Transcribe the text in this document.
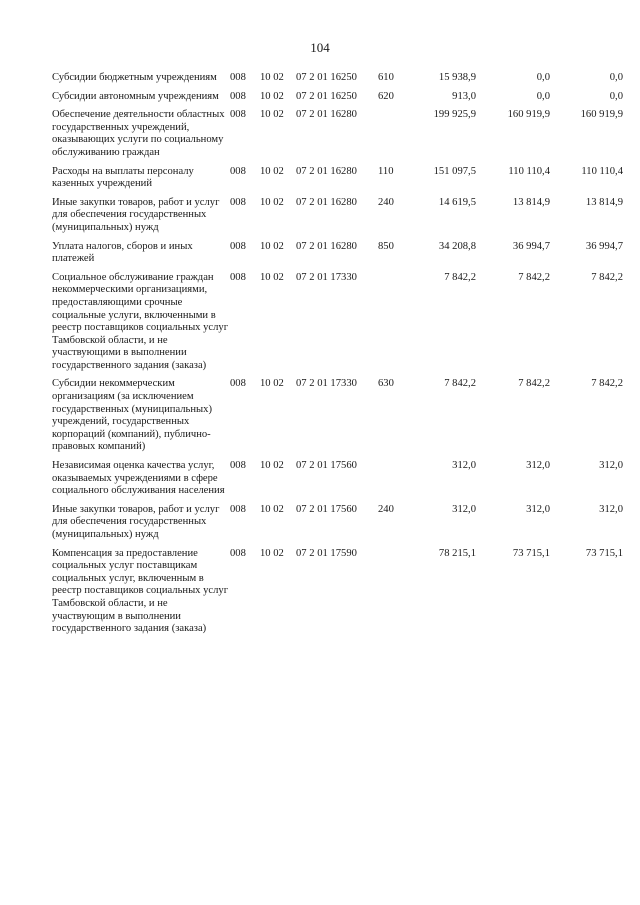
104
Субсидии бюджетным учреждениям	008	10 02	07 2 01 16250	610	15 938,9	0,0	0,0
Субсидии автономным учреждениям	008	10 02	07 2 01 16250	620	913,0	0,0	0,0
Обеспечение деятельности областных государственных учреждений, оказывающих услуги по социальному обслуживанию граждан	008	10 02	07 2 01 16280		199 925,9	160 919,9	160 919,9
Расходы на выплаты персоналу казенных учреждений	008	10 02	07 2 01 16280	110	151 097,5	110 110,4	110 110,4
Иные закупки товаров, работ и услуг для обеспечения государственных (муниципальных) нужд	008	10 02	07 2 01 16280	240	14 619,5	13 814,9	13 814,9
Уплата налогов, сборов и иных платежей	008	10 02	07 2 01 16280	850	34 208,8	36 994,7	36 994,7
Социальное обслуживание граждан некоммерческими организациями, предоставляющими срочные социальные услуги, включенными в реестр поставщиков социальных услуг Тамбовской области, и не участвующими в выполнении государственного задания (заказа)	008	10 02	07 2 01 17330		7 842,2	7 842,2	7 842,2
Субсидии некоммерческим организациям (за исключением государственных (муниципальных) учреждений, государственных корпораций (компаний), публично-правовых компаний)	008	10 02	07 2 01 17330	630	7 842,2	7 842,2	7 842,2
Независимая оценка качества услуг, оказываемых учреждениями в сфере социального обслуживания населения	008	10 02	07 2 01 17560		312,0	312,0	312,0
Иные закупки товаров, работ и услуг для обеспечения государственных (муниципальных) нужд	008	10 02	07 2 01 17560	240	312,0	312,0	312,0
Компенсация за предоставление социальных услуг поставщикам социальных услуг, включенным в реестр поставщиков социальных услуг Тамбовской области, и не участвующим в выполнении государственного задания (заказа)	008	10 02	07 2 01 17590		78 215,1	73 715,1	73 715,1
